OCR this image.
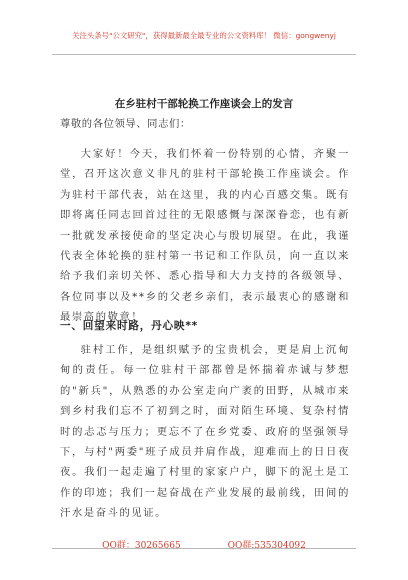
关注头条号"公文研究"，获得最新最全最专业的公文资料库！ 微信：gongwenyj
在乡驻村干部轮换工作座谈会上的发言

尊敬的各位领导、同志们：

大家好！今天，我们怀着一份特别的心情，齐聚一堂，召开这次意义非凡的驻村干部轮换工作座谈会。作为驻村干部代表，站在这里，我的内心百感交集。既有即将离任同志回首过往的无限感慨与深深眷恋，也有新一批就发承接使命的坚定决心与殷切展望。在此，我谨代表全体轮换的驻村第一书记和工作队员，向一直以来给予我们亲切关怀、悉心指导和大力支持的各级领导、各位同事以及**乡的父老乡亲们，表示最衷心的感谢和最崇高的敬意！

一、回望来时路，丹心映**

驻村工作，是组织赋予的宝贵机会，更是肩上沉甸甸的责任。每一位驻村干部都曾是怀揣着赤诚与梦想的"新兵"，从熟悉的办公室走向广袤的田野，从城市来到乡村我们忘不了初到之时，面对陌生环境、复杂村情时的忐忑与压力；更忘不了在乡党委、政府的坚强领导下，与村"两委"班子成员并肩作战，迎难而上的日日夜夜。我们一起走遍了村里的家家户户，脚下的泥土是工作的印迹；我们一起奋战在产业发展的最前线，田间的汗水是奋斗的见证。

QQ群：30265665	QQ群:535304092
